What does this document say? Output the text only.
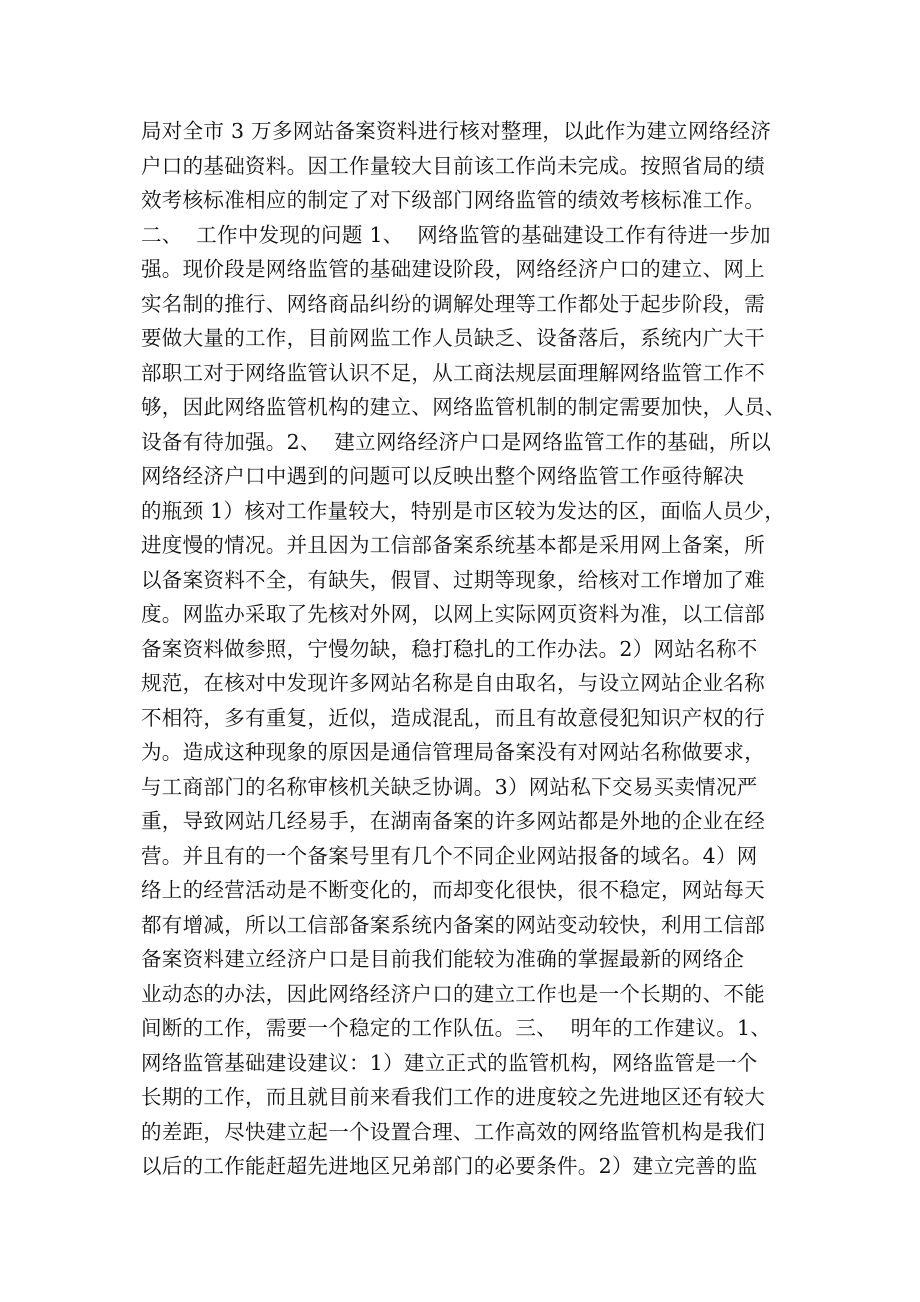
局对全市 3 万多网站备案资料进行核对整理，以此作为建立网络经济
户口的基础资料。因工作量较大目前该工作尚未完成。按照省局的绩
效考核标准相应的制定了对下级部门网络监管的绩效考核标准工作。
二、  工作中发现的问题 1、  网络监管的基础建设工作有待进一步加
强。现价段是网络监管的基础建设阶段，网络经济户口的建立、网上
实名制的推行、网络商品纠纷的调解处理等工作都处于起步阶段，需
要做大量的工作，目前网监工作人员缺乏、设备落后，系统内广大干
部职工对于网络监管认识不足，从工商法规层面理解网络监管工作不
够，因此网络监管机构的建立、网络监管机制的制定需要加快，人员、
设备有待加强。2、  建立网络经济户口是网络监管工作的基础，所以
网络经济户口中遇到的问题可以反映出整个网络监管工作亟待解决
的瓶颈 1）核对工作量较大，特别是市区较为发达的区，面临人员少，
进度慢的情况。并且因为工信部备案系统基本都是采用网上备案，所
以备案资料不全，有缺失，假冒、过期等现象，给核对工作增加了难
度。网监办采取了先核对外网，以网上实际网页资料为准，以工信部
备案资料做参照，宁慢勿缺，稳打稳扎的工作办法。2）网站名称不
规范，在核对中发现许多网站名称是自由取名，与设立网站企业名称
不相符，多有重复，近似，造成混乱，而且有故意侵犯知识产权的行
为。造成这种现象的原因是通信管理局备案没有对网站名称做要求，
与工商部门的名称审核机关缺乏协调。3）网站私下交易买卖情况严
重，导致网站几经易手，在湖南备案的许多网站都是外地的企业在经
营。并且有的一个备案号里有几个不同企业网站报备的域名。4）网
络上的经营活动是不断变化的，而却变化很快，很不稳定，网站每天
都有增减，所以工信部备案系统内备案的网站变动较快，利用工信部
备案资料建立经济户口是目前我们能较为准确的掌握最新的网络企
业动态的办法，因此网络经济户口的建立工作也是一个长期的、不能
间断的工作，需要一个稳定的工作队伍。三、  明年的工作建议。1、
网络监管基础建设建议：1）建立正式的监管机构，网络监管是一个
长期的工作，而且就目前来看我们工作的进度较之先进地区还有较大
的差距，尽快建立起一个设置合理、工作高效的网络监管机构是我们
以后的工作能赶超先进地区兄弟部门的必要条件。2）建立完善的监
